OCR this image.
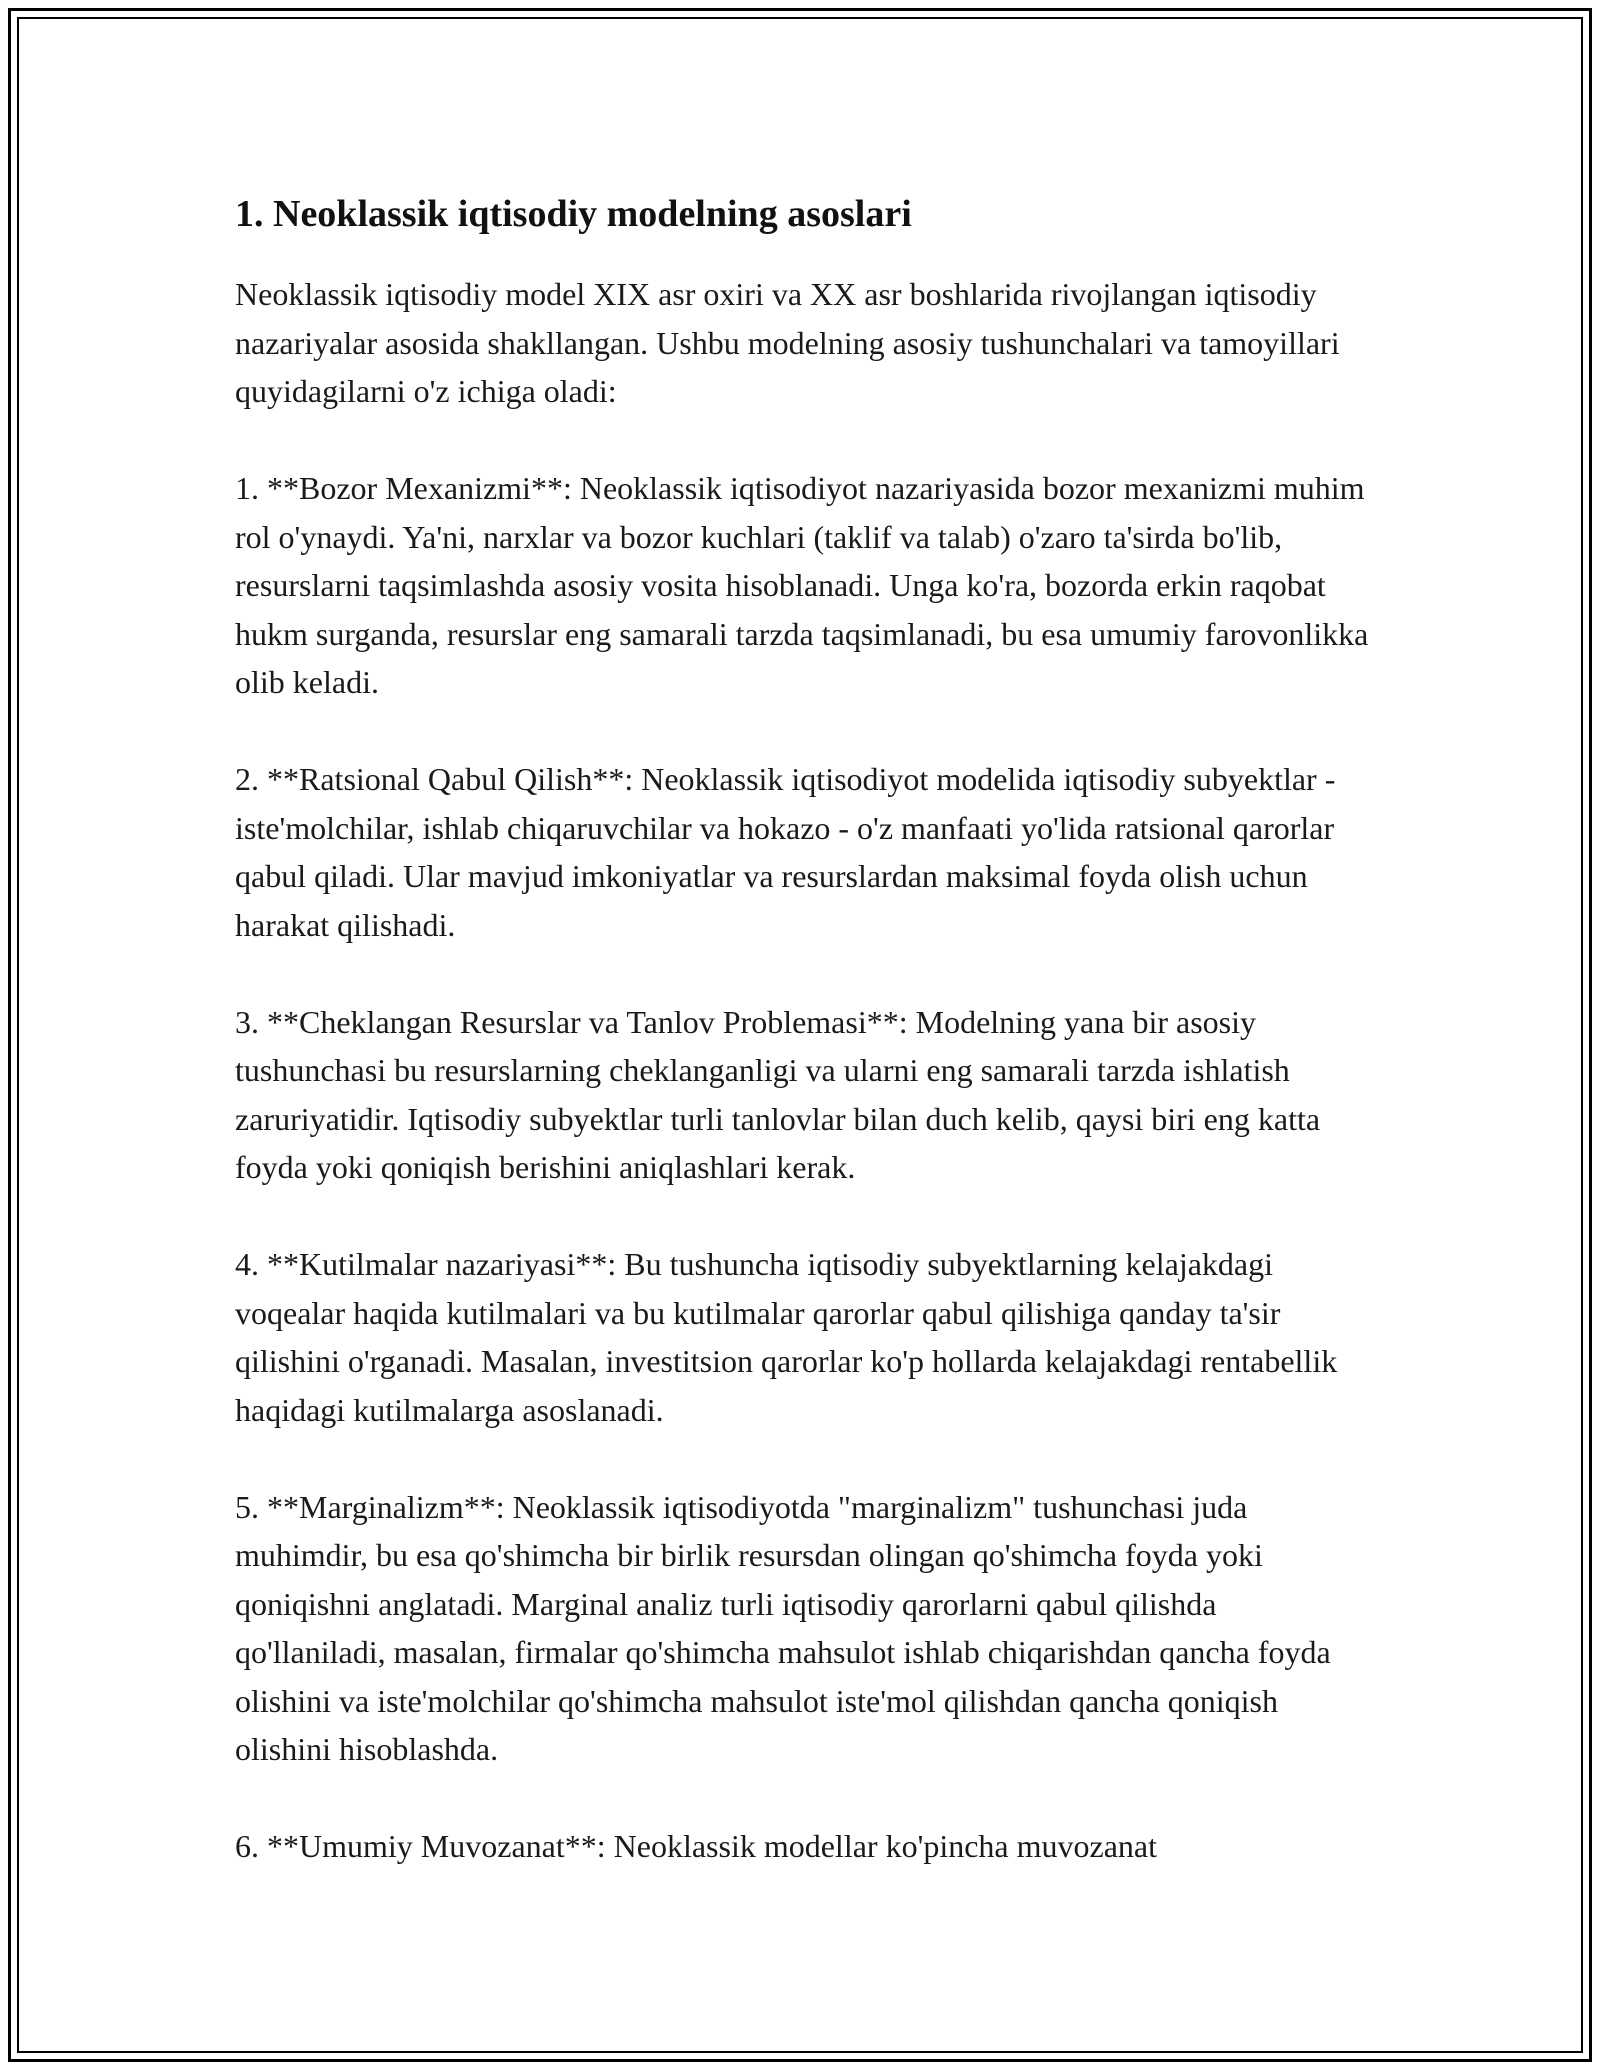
1. Neoklassik iqtisodiy modelning asoslari

Neoklassik iqtisodiy model XIX asr oxiri va XX asr boshlarida rivojlangan iqtisodiy nazariyalar asosida shakllangan. Ushbu modelning asosiy tushunchalari va tamoyillari quyidagilarni o'z ichiga oladi:

1. **Bozor Mexanizmi**: Neoklassik iqtisodiyot nazariyasida bozor mexanizmi muhim rol o'ynaydi. Ya'ni, narxlar va bozor kuchlari (taklif va talab) o'zaro ta'sirda bo'lib, resurslarni taqsimlashda asosiy vosita hisoblanadi. Unga ko'ra, bozorda erkin raqobat hukm surganda, resurslar eng samarali tarzda taqsimlanadi, bu esa umumiy farovonlikka olib keladi.

2. **Ratsional Qabul Qilish**: Neoklassik iqtisodiyot modelida iqtisodiy subyektlar - iste'molchilar, ishlab chiqaruvchilar va hokazo - o'z manfaati yo'lida ratsional qarorlar qabul qiladi. Ular mavjud imkoniyatlar va resurslardan maksimal foyda olish uchun harakat qilishadi.

3. **Cheklangan Resurslar va Tanlov Problemasi**: Modelning yana bir asosiy tushunchasi bu resurslarning cheklanganligi va ularni eng samarali tarzda ishlatish zaruriyatidir. Iqtisodiy subyektlar turli tanlovlar bilan duch kelib, qaysi biri eng katta foyda yoki qoniqish berishini aniqlashlari kerak.

4. **Kutilmalar nazariyasi**: Bu tushuncha iqtisodiy subyektlarning kelajakdagi voqealar haqida kutilmalari va bu kutilmalar qarorlar qabul qilishiga qanday ta'sir qilishini o'rganadi. Masalan, investitsion qarorlar ko'p hollarda kelajakdagi rentabellik haqidagi kutilmalarga asoslanadi.

5. **Marginalizm**: Neoklassik iqtisodiyotda "marginalizm" tushunchasi juda muhimdir, bu esa qo'shimcha bir birlik resursdan olingan qo'shimcha foyda yoki qoniqishni anglatadi. Marginal analiz turli iqtisodiy qarorlarni qabul qilishda qo'llaniladi, masalan, firmalar qo'shimcha mahsulot ishlab chiqarishdan qancha foyda olishini va iste'molchilar qo'shimcha mahsulot iste'mol qilishdan qancha qoniqish olishini hisoblashda.

6. **Umumiy Muvozanat**: Neoklassik modellar ko'pincha muvozanat
